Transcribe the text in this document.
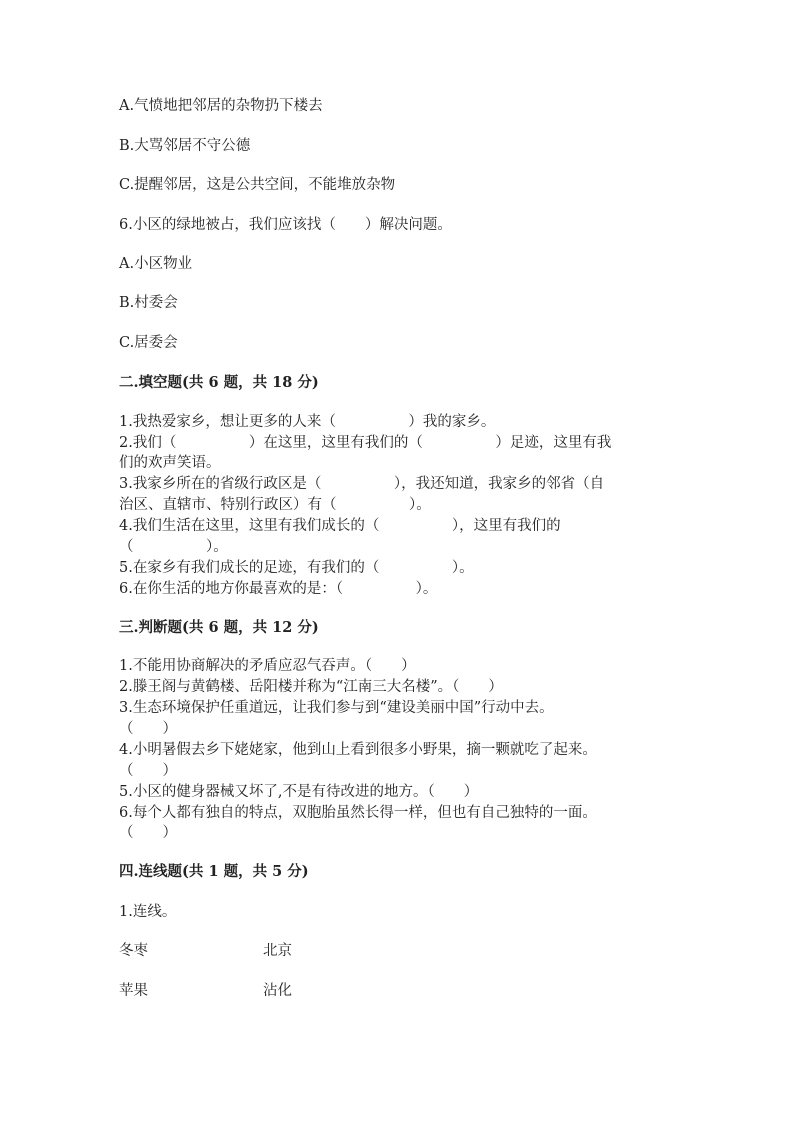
A.气愤地把邻居的杂物扔下楼去

B.大骂邻居不守公德

C.提醒邻居，这是公共空间，不能堆放杂物

6.小区的绿地被占，我们应该找（　　）解决问题。

A.小区物业

B.村委会

C.居委会

二.填空题(共 6 题，共 18 分)

1.我热爱家乡，想让更多的人来（　　　　　）我的家乡。

2.我们（　　　　　）在这里，这里有我们的（　　　　　）足迹，这里有我

们的欢声笑语。

3.我家乡所在的省级行政区是（　　　　　），我还知道，我家乡的邻省（自

治区、直辖市、特别行政区）有（　　　　　）。

4.我们生活在这里，这里有我们成长的（　　　　　），这里有我们的

（　　　　　）。

5.在家乡有我们成长的足迹，有我们的（　　　　　）。

6.在你生活的地方你最喜欢的是：（　　　　　）。

三.判断题(共 6 题，共 12 分)

1.不能用协商解决的矛盾应忍气吞声。（　　）

2.滕王阁与黄鹤楼、岳阳楼并称为“江南三大名楼”。（　　）

3.生态环境保护任重道远，让我们参与到“建设美丽中国”行动中去。

（　　）

4.小明暑假去乡下姥姥家，他到山上看到很多小野果，摘一颗就吃了起来。

（　　）

5.小区的健身器械又坏了,不是有待改进的地方。（　　）

6.每个人都有独自的特点，双胞胎虽然长得一样，但也有自己独特的一面。

（　　）

四.连线题(共 1 题，共 5 分)

1.连线。

冬枣	北京

苹果	沾化
